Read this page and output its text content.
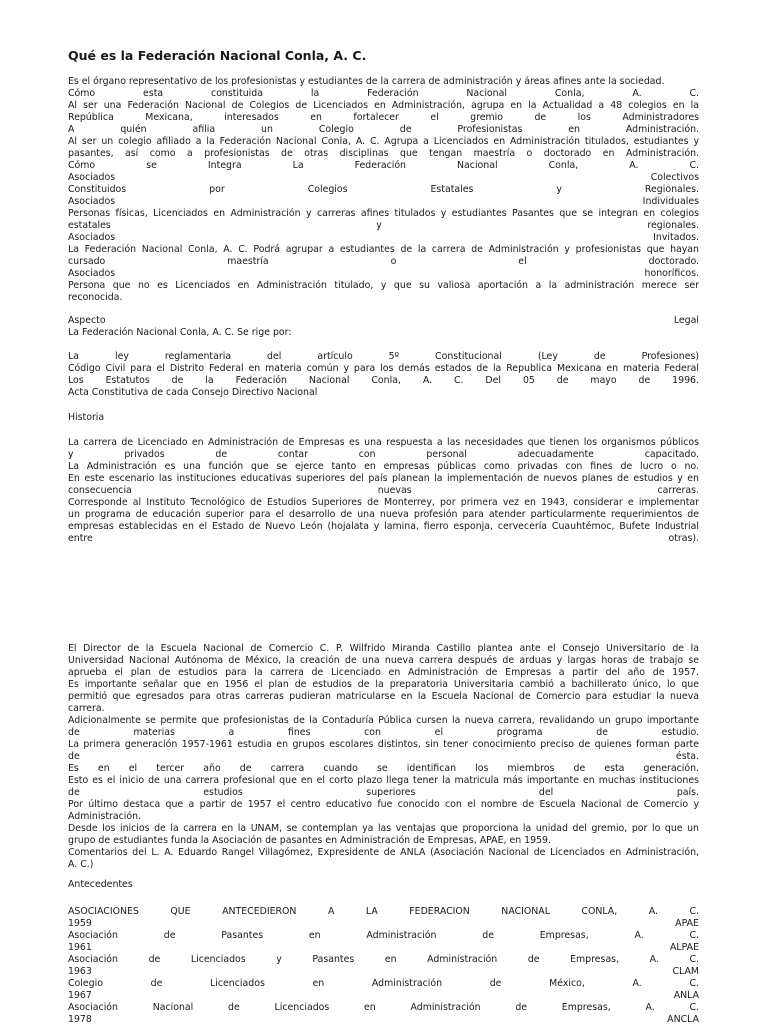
Qué es la Federación Nacional Conla, A. C.
Es el órgano representativo de los profesionistas y estudiantes de la carrera de administración y áreas afines ante la sociedad.
Cómo esta constituida la Federación Nacional Conla, A. C.
Al ser una Federación Nacional de Colegios de Licenciados en Administración, agrupa en la Actualidad a 48 colegios en la
República Mexicana, interesados en fortalecer el gremio de los Administradores
A quién afilia un Colegio de Profesionistas en Administración.
Al ser un colegio afiliado a la Federación Nacional Conla, A. C. Agrupa a Licenciados en Administración titulados, estudiantes y
pasantes, así como a profesionistas de otras disciplinas que tengan maestría o doctorado en Administración.
Cómo se Integra La Federación Nacional Conla, A. C.
Asociados Colectivos
Constituidos por Colegios Estatales y Regionales.
Asociados Individuales
Personas físicas, Licenciados en Administración y carreras afines titulados y estudiantes Pasantes que se integran en colegios
estatales y regionales.
Asociados Invitados.
La Federación Nacional Conla, A. C. Podrá agrupar a estudiantes de la carrera de Administración y profesionistas que hayan
cursado maestría o el doctorado.
Asociados honoríficos.
Persona que no es Licenciados en Administración titulado, y que su valiosa aportación a la administración merece ser
reconocida.
Aspecto Legal
La Federación Nacional Conla, A. C. Se rige por:
La ley reglamentaria del artículo 5º Constitucional (Ley de Profesiones)
Código Civil para el Distrito Federal en materia común y para los demás estados de la Republica Mexicana en materia Federal
Los Estatutos de la Federación Nacional Conla, A. C. Del 05 de mayo de 1996.
Acta Constitutiva de cada Consejo Directivo Nacional
Historia
La carrera de Licenciado en Administración de Empresas es una respuesta a las necesidades que tienen los organismos públicos
y privados de contar con personal adecuadamente capacitado.
La Administración es una función que se ejerce tanto en empresas públicas como privadas con fines de lucro o no.
En este escenario las instituciones educativas superiores del país planean la implementación de nuevos planes de estudios y en
consecuencia nuevas carreras.
Corresponde al Instituto Tecnológico de Estudios Superiores de Monterrey, por primera vez en 1943, considerar e implementar
un programa de educación superior para el desarrollo de una nueva profesión para atender particularmente requerimientos de
empresas establecidas en el Estado de Nuevo León (hojalata y lamina, fierro esponja, cervecería Cuauhtémoc, Bufete Industrial
entre otras).
El Director de la Escuela Nacional de Comercio C. P. Wilfrido Miranda Castillo plantea ante el Consejo Universitario de la
Universidad Nacional Autónoma de México, la creación de una nueva carrera después de arduas y largas horas de trabajo se
aprueba el plan de estudios para la carrera de Licenciado en Administración de Empresas a partir del año de 1957.
Es importante señalar que en 1956 el plan de estudios de la preparatoria Universitaria cambió a bachillerato único, lo que
permitió que egresados para otras carreras pudieran matricularse en la Escuela Nacional de Comercio para estudiar la nueva
carrera.
Adicionalmente se permite que profesionistas de la Contaduría Pública cursen la nueva carrera, revalidando un grupo importante
de materias a fines con el programa de estudio.
La primera generación 1957-1961 estudia en grupos escolares distintos, sin tener conocimiento preciso de quienes forman parte
de ésta.
Es en el tercer año de carrera cuando se identifican los miembros de esta generación.
Esto es el inicio de una carrera profesional que en el corto plazo llega tener la matricula más importante en muchas instituciones
de estudios superiores del país.
Por último destaca que a partir de 1957 el centro educativo fue conocido con el nombre de Escuela Nacional de Comercio y
Administración.
Desde los inicios de la carrera en la UNAM, se contemplan ya las ventajas que proporciona la unidad del gremio, por lo que un
grupo de estudiantes funda la Asociación de pasantes en Administración de Empresas, APAE, en 1959.
Comentarios del L. A. Eduardo Rangel Villagómez, Expresidente de ANLA (Asociación Nacional de Licenciados en Administración,
A. C.)
Antecedentes
ASOCIACIONES QUE ANTECEDIERON A LA FEDERACIÓN NACIONAL CONLA, A. C.
1959 APAE
Asociación de Pasantes en Administración de Empresas, A. C.
1961 ALPAE
Asociación de Licenciados y Pasantes en Administración de Empresas, A. C.
1963 CLAM
Colegio de Licenciados en Administración de México, A. C.
1967 ANLA
Asociación Nacional de Licenciados en Administración de Empresas, A. C.
1978 ANCLA
